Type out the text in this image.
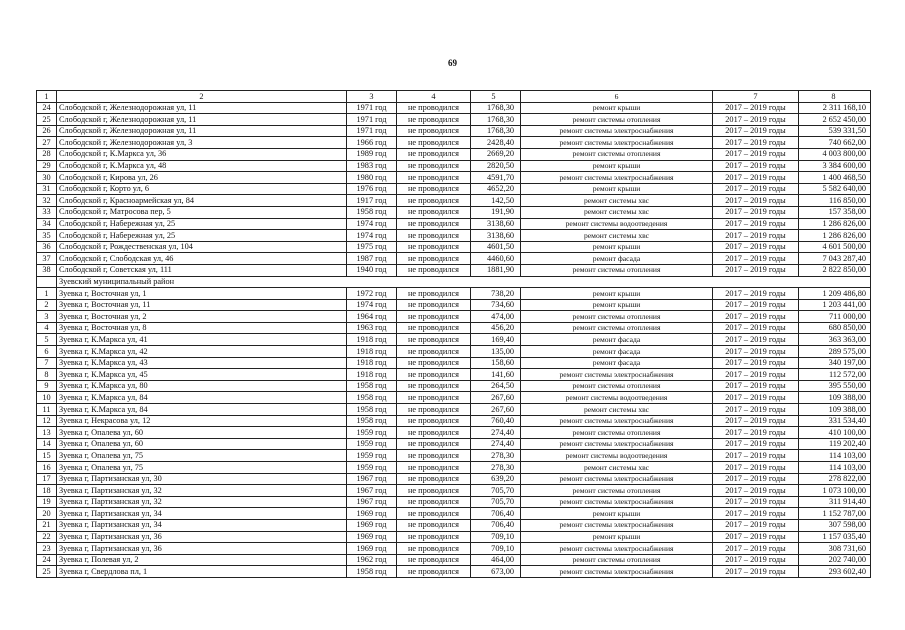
69
1	2	3	4	5	6	7	8
24	Слободской г, Железнодорожная ул, 11	1971 год	не проводился	1768,30	ремонт крыши	2017 – 2019 годы	2 311 168,10
25	Слободской г, Железнодорожная ул, 11	1971 год	не проводился	1768,30	ремонт системы отопления	2017 – 2019 годы	2 652 450,00
26	Слободской г, Железнодорожная ул, 11	1971 год	не проводился	1768,30	ремонт системы электроснабжения	2017 – 2019 годы	539 331,50
27	Слободской г, Железнодорожная ул, 3	1966 год	не проводился	2428,40	ремонт системы электроснабжения	2017 – 2019 годы	740 662,00
28	Слободской г, К.Маркса ул, 36	1989 год	не проводился	2669,20	ремонт системы отопления	2017 – 2019 годы	4 003 800,00
29	Слободской г, К.Маркса ул, 48	1983 год	не проводился	2820,50	ремонт крыши	2017 – 2019 годы	3 384 600,00
30	Слободской г, Кирова ул, 26	1980 год	не проводился	4591,70	ремонт системы электроснабжения	2017 – 2019 годы	1 400 468,50
31	Слободской г, Корто ул, 6	1976 год	не проводился	4652,20	ремонт крыши	2017 – 2019 годы	5 582 640,00
32	Слободской г, Красноармейская ул, 84	1917 год	не проводился	142,50	ремонт системы хвс	2017 – 2019 годы	116 850,00
33	Слободской г, Матросова пер, 5	1958 год	не проводился	191,90	ремонт системы хвс	2017 – 2019 годы	157 358,00
34	Слободской г, Набережная ул, 25	1974 год	не проводился	3138,60	ремонт системы водоотведения	2017 – 2019 годы	1 286 826,00
35	Слободской г, Набережная ул, 25	1974 год	не проводился	3138,60	ремонт системы хвс	2017 – 2019 годы	1 286 826,00
36	Слободской г, Рождественская ул, 104	1975 год	не проводился	4601,50	ремонт крыши	2017 – 2019 годы	4 601 500,00
37	Слободской г, Слободская ул, 46	1987 год	не проводился	4460,60	ремонт фасада	2017 – 2019 годы	7 043 287,40
38	Слободской г, Советская ул, 111	1940 год	не проводился	1881,90	ремонт системы отопления	2017 – 2019 годы	2 822 850,00
	Зуевский муниципальный район						
1	Зуевка г, Восточная ул, 1	1972 год	не проводился	738,20	ремонт крыши	2017 – 2019 годы	1 209 486,80
2	Зуевка г, Восточная ул, 11	1974 год	не проводился	734,60	ремонт крыши	2017 – 2019 годы	1 203 441,00
3	Зуевка г, Восточная ул, 2	1964 год	не проводился	474,00	ремонт системы отопления	2017 – 2019 годы	711 000,00
4	Зуевка г, Восточная ул, 8	1963 год	не проводился	456,20	ремонт системы отопления	2017 – 2019 годы	680 850,00
5	Зуевка г, К.Маркса ул, 41	1918 год	не проводился	169,40	ремонт фасада	2017 – 2019 годы	363 363,00
6	Зуевка г, К.Маркса ул, 42	1918 год	не проводился	135,00	ремонт фасада	2017 – 2019 годы	289 575,00
7	Зуевка г, К.Маркса ул, 43	1918 год	не проводился	158,60	ремонт фасада	2017 – 2019 годы	340 197,00
8	Зуевка г, К.Маркса ул, 45	1918 год	не проводился	141,60	ремонт системы электроснабжения	2017 – 2019 годы	112 572,00
9	Зуевка г, К.Маркса ул, 80	1958 год	не проводился	264,50	ремонт системы отопления	2017 – 2019 годы	395 550,00
10	Зуевка г, К.Маркса ул, 84	1958 год	не проводился	267,60	ремонт системы водоотведения	2017 – 2019 годы	109 388,00
11	Зуевка г, К.Маркса ул, 84	1958 год	не проводился	267,60	ремонт системы хвс	2017 – 2019 годы	109 388,00
12	Зуевка г, Некрасова ул, 12	1958 год	не проводился	760,40	ремонт системы электроснабжения	2017 – 2019 годы	331 534,40
13	Зуевка г, Опалева ул, 60	1959 год	не проводился	274,40	ремонт системы отопления	2017 – 2019 годы	410 100,00
14	Зуевка г, Опалева ул, 60	1959 год	не проводился	274,40	ремонт системы электроснабжения	2017 – 2019 годы	119 202,40
15	Зуевка г, Опалева ул, 75	1959 год	не проводился	278,30	ремонт системы водоотведения	2017 – 2019 годы	114 103,00
16	Зуевка г, Опалева ул, 75	1959 год	не проводился	278,30	ремонт системы хвс	2017 – 2019 годы	114 103,00
17	Зуевка г, Партизанская ул, 30	1967 год	не проводился	639,20	ремонт системы электроснабжения	2017 – 2019 годы	278 822,00
18	Зуевка г, Партизанская ул, 32	1967 год	не проводился	705,70	ремонт системы отопления	2017 – 2019 годы	1 073 100,00
19	Зуевка г, Партизанская ул, 32	1967 год	не проводился	705,70	ремонт системы электроснабжения	2017 – 2019 годы	311 914,40
20	Зуевка г, Партизанская ул, 34	1969 год	не проводился	706,40	ремонт крыши	2017 – 2019 годы	1 152 787,00
21	Зуевка г, Партизанская ул, 34	1969 год	не проводился	706,40	ремонт системы электроснабжения	2017 – 2019 годы	307 598,00
22	Зуевка г, Партизанская ул, 36	1969 год	не проводился	709,10	ремонт крыши	2017 – 2019 годы	1 157 035,40
23	Зуевка г, Партизанская ул, 36	1969 год	не проводился	709,10	ремонт системы электроснабжения	2017 – 2019 годы	308 731,60
24	Зуевка г, Полевая ул, 2	1962 год	не проводился	464,00	ремонт системы отопления	2017 – 2019 годы	202 740,00
25	Зуевка г, Свердлова пл, 1	1958 год	не проводился	673,00	ремонт системы электроснабжения	2017 – 2019 годы	293 602,40
